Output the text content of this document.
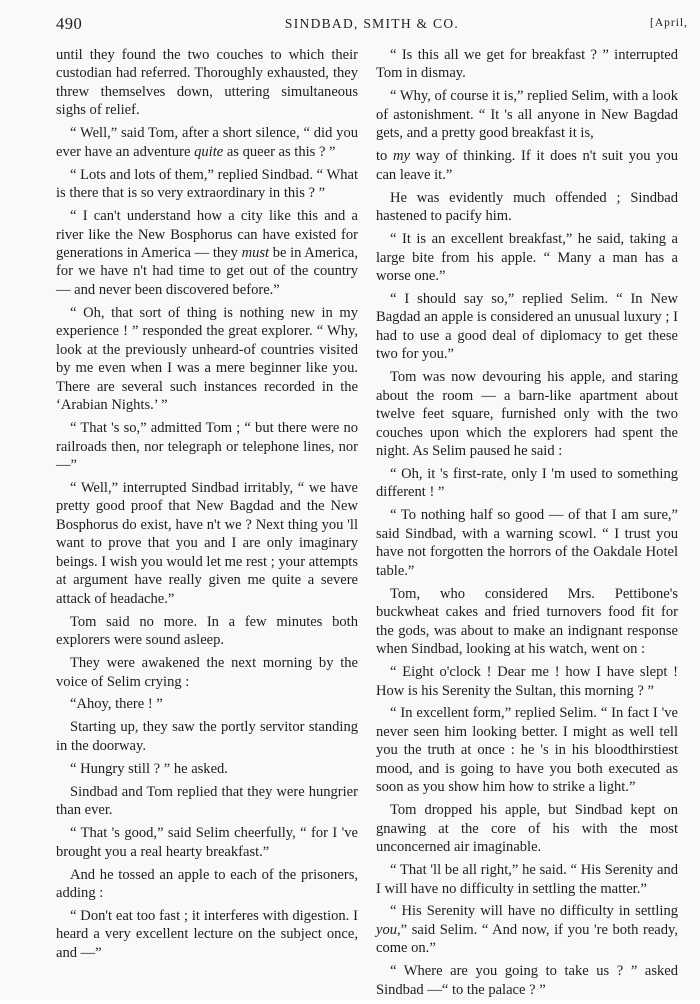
490	SINDBAD, SMITH & CO.	[April,

until they found the two couches to which their custodian had referred. Thoroughly exhausted, they threw themselves down, uttering simultaneous sighs of relief.

“ Well,” said Tom, after a short silence, “ did you ever have an adventure quite as queer as this ? ”

“ Lots and lots of them,” replied Sindbad. “ What is there that is so very extraordinary in this ? ”

“ I can't understand how a city like this and a river like the New Bosphorus can have existed for generations in America — they must be in America, for we have n't had time to get out of the country — and never been discovered before.”

“ Oh, that sort of thing is nothing new in my experience ! ” responded the great explorer. “ Why, look at the previously unheard-of countries visited by me even when I was a mere beginner like you. There are several such instances recorded in the ‘Arabian Nights.’ ”

“ That 's so,” admitted Tom ; “ but there were no railroads then, nor telegraph or telephone lines, nor —”

“ Well,” interrupted Sindbad irritably, “ we have pretty good proof that New Bagdad and the New Bosphorus do exist, have n't we ? Next thing you 'll want to prove that you and I are only imaginary beings. I wish you would let me rest ; your attempts at argument have really given me quite a severe attack of headache.”

Tom said no more. In a few minutes both explorers were sound asleep.

They were awakened the next morning by the voice of Selim crying :

“Ahoy, there ! ”

Starting up, they saw the portly servitor standing in the doorway.

“ Hungry still ? ” he asked.

Sindbad and Tom replied that they were hungrier than ever.

“ That 's good,” said Selim cheerfully, “ for I 've brought you a real hearty breakfast.”

And he tossed an apple to each of the prisoners, adding :

“ Don't eat too fast ; it interferes with digestion. I heard a very excellent lecture on the subject once, and —”

“ Is this all we get for breakfast ? ” interrupted Tom in dismay.

“ Why, of course it is,” replied Selim, with a look of astonishment. “ It 's all anyone in New Bagdad gets, and a pretty good breakfast it is,

to my way of thinking. If it does n't suit you you can leave it.”

He was evidently much offended ; Sindbad hastened to pacify him.

“ It is an excellent breakfast,” he said, taking a large bite from his apple. “ Many a man has a worse one.”

“ I should say so,” replied Selim. “ In New Bagdad an apple is considered an unusual luxury ; I had to use a good deal of diplomacy to get these two for you.”

Tom was now devouring his apple, and staring about the room — a barn-like apartment about twelve feet square, furnished only with the two couches upon which the explorers had spent the night. As Selim paused he said :

“ Oh, it 's first-rate, only I 'm used to something different ! ”

“ To nothing half so good — of that I am sure,” said Sindbad, with a warning scowl. “ I trust you have not forgotten the horrors of the Oakdale Hotel table.”

Tom, who considered Mrs. Pettibone's buckwheat cakes and fried turnovers food fit for the gods, was about to make an indignant response when Sindbad, looking at his watch, went on :

“ Eight o'clock ! Dear me ! how I have slept ! How is his Serenity the Sultan, this morning ? ”

“ In excellent form,” replied Selim. “ In fact I 've never seen him looking better. I might as well tell you the truth at once : he 's in his bloodthirstiest mood, and is going to have you both executed as soon as you show him how to strike a light.”

Tom dropped his apple, but Sindbad kept on gnawing at the core of his with the most unconcerned air imaginable.

“ That 'll be all right,” he said. “ His Serenity and I will have no difficulty in settling the matter.”

“ His Serenity will have no difficulty in settling you,” said Selim. “ And now, if you 're both ready, come on.”

“ Where are you going to take us ? ” asked Sindbad —“ to the palace ? ”
